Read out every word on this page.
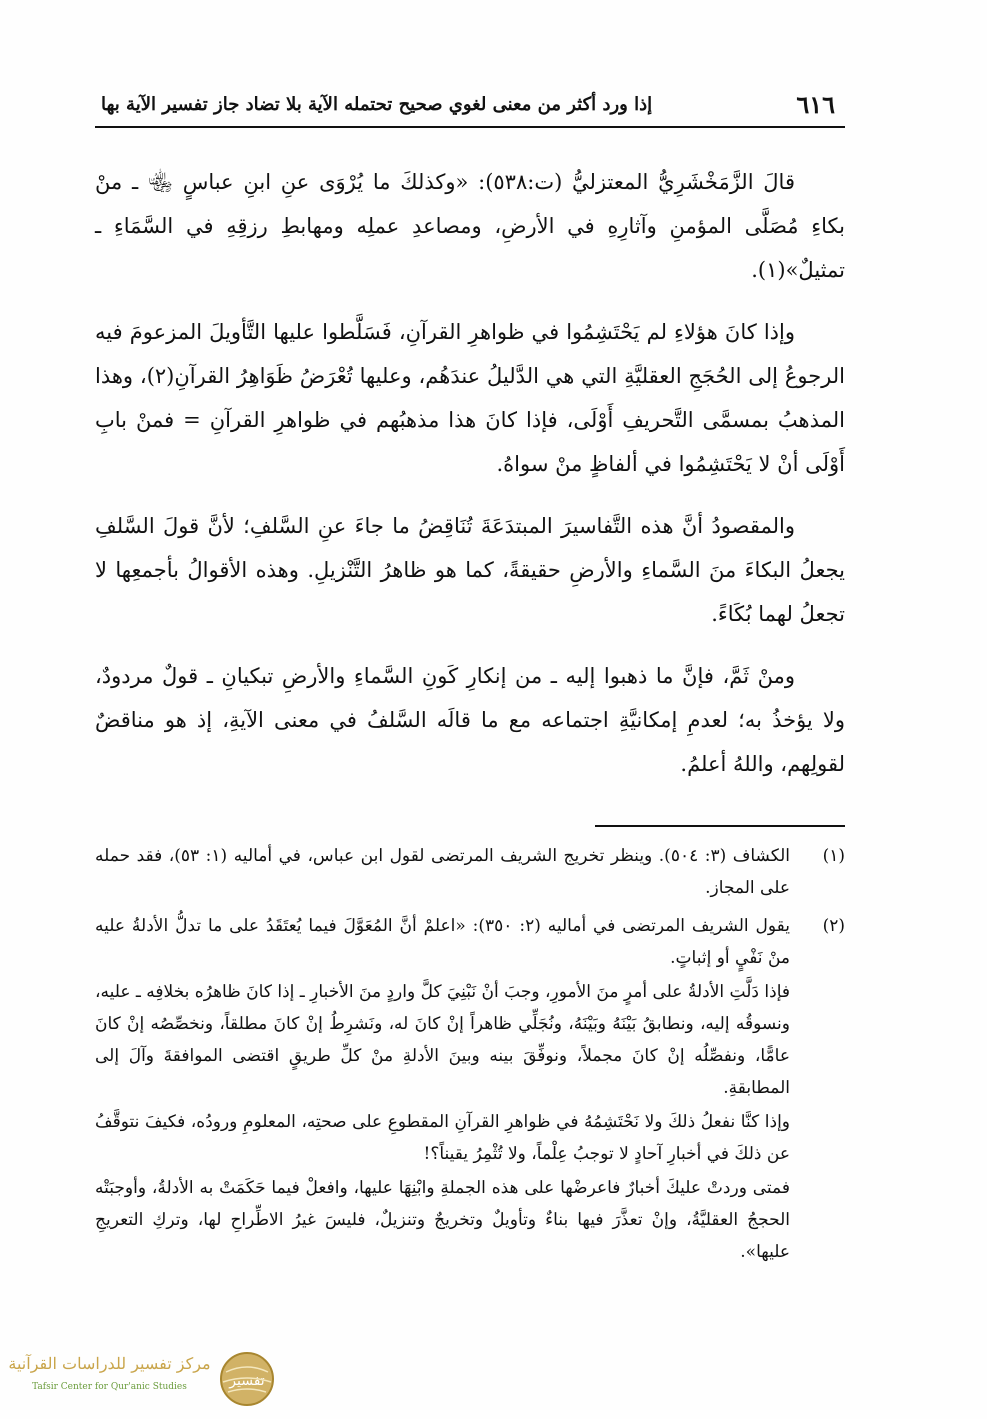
٦١٦
إذا ورد أكثر من معنى لغوي صحيح تحتمله الآية بلا تضاد جاز تفسير الآية بها

قالَ الزَّمَخْشَرِيُّ المعتزليُّ (ت:٥٣٨): «وكذلكَ ما يُرْوَى عنِ ابنِ عباسٍ ﵄ ـ منْ بكاءِ مُصَلَّى المؤمنِ وآثارِهِ في الأرضِ، ومصاعدِ عملِه ومهابطِ رزقِهِ في السَّمَاءِ ـ تمثيلٌ»(١).

وإذا كانَ هؤلاءِ لم يَحْتَشِمُوا في ظواهرِ القرآنِ، فَسَلَّطوا عليها التَّأويلَ المزعومَ فيه الرجوعُ إلى الحُجَجِ العقليَّةِ التي هي الدَّليلُ عندَهُم، وعليها تُعْرَضُ ظَوَاهِرُ القرآنِ(٢)، وهذا المذهبُ بمسمَّى التَّحريفِ أَوْلَى، فإذا كانَ هذا مذهبُهم في ظواهرِ القرآنِ = فمنْ بابِ أَوْلَى أنْ لا يَحْتَشِمُوا في ألفاظٍ منْ سواهُ.

والمقصودُ أنَّ هذه التَّفاسيرَ المبتدَعَةَ تُنَاقِضُ ما جاءَ عنِ السَّلفِ؛ لأنَّ قولَ السَّلفِ يجعلُ البكاءَ منَ السَّماءِ والأرضِ حقيقةً، كما هو ظاهرُ التَّنْزيلِ. وهذه الأقوالُ بأجمعِها لا تجعلُ لهما بُكَاءً.

ومنْ ثَمَّ، فإنَّ ما ذهبوا إليه ـ من إنكارِ كَونِ السَّماءِ والأرضِ تبكيانِ ـ قولٌ مردودٌ، ولا يؤخذُ به؛ لعدمِ إمكانيَّةِ اجتماعه مع ما قالَه السَّلفُ في معنى الآيةِ، إذ هو مناقضٌ لقولِهم، واللهُ أعلمُ.

(١)

الكشاف (٣: ٥٠٤). وينظر تخريج الشريف المرتضى لقول ابن عباس، في أماليه (١: ٥٣)، فقد حمله على المجاز.

(٢)

يقول الشريف المرتضى في أماليه (٢: ٣٥٠): «اعلمْ أنَّ المُعَوَّلَ فيما يُعتَقَدُ على ما تدلُّ الأدلةُ عليه منْ نَفْيٍ أو إثباتٍ.

فإذا دَلَّتِ الأدلةُ على أمرٍ منَ الأمورِ، وجبَ أنْ نَبْنِيَ كلَّ واردٍ منَ الأخبارِ ـ إذا كانَ ظاهرُه بخلافِه ـ عليه، ونسوقُه إليه، ونطابقُ بَيْنَهُ وبَيْنَهُ، ونُجَلِّي ظاهراً إنْ كانَ له، ونَشرِطُ إنْ كانَ مطلقاً، ونخصِّصُه إنْ كانَ عامًّا، ونفصِّلُه إنْ كانَ مجملاً، ونوفِّقَ بينه وبينَ الأدلةِ منْ كلِّ طريقٍ اقتضى الموافقةَ وآلَ إلى المطابقةِ.

وإذا كنَّا نفعلُ ذلكَ ولا نَحْتَشِمُهُ في ظواهرِ القرآنِ المقطوعِ على صحتِه، المعلومِ ورودُه، فكيفَ نتوقَّفُ عن ذلكَ في أخبارِ آحادٍ لا توجبُ عِلْماً، ولا تُثْمِرُ يقيناً؟!

فمتى وردتْ عليكَ أخبارٌ فاعرضْها على هذه الجملةِ وابْنِهَا عليها، وافعلْ فيما حَكَمَتْ به الأدلةُ، وأوجبَتْه الحججُ العقليَّةُ، وإنْ تعذَّرَ فيها بناءٌ وتأويلٌ وتخريجٌ وتنزيلٌ، فليسَ غيرُ الاطِّراحِ لها، وتركِ التعريجِ عليها».

تفسير
مركز تفسير للدراسات القرآنية
Tafsir Center for Qur'anic Studies
